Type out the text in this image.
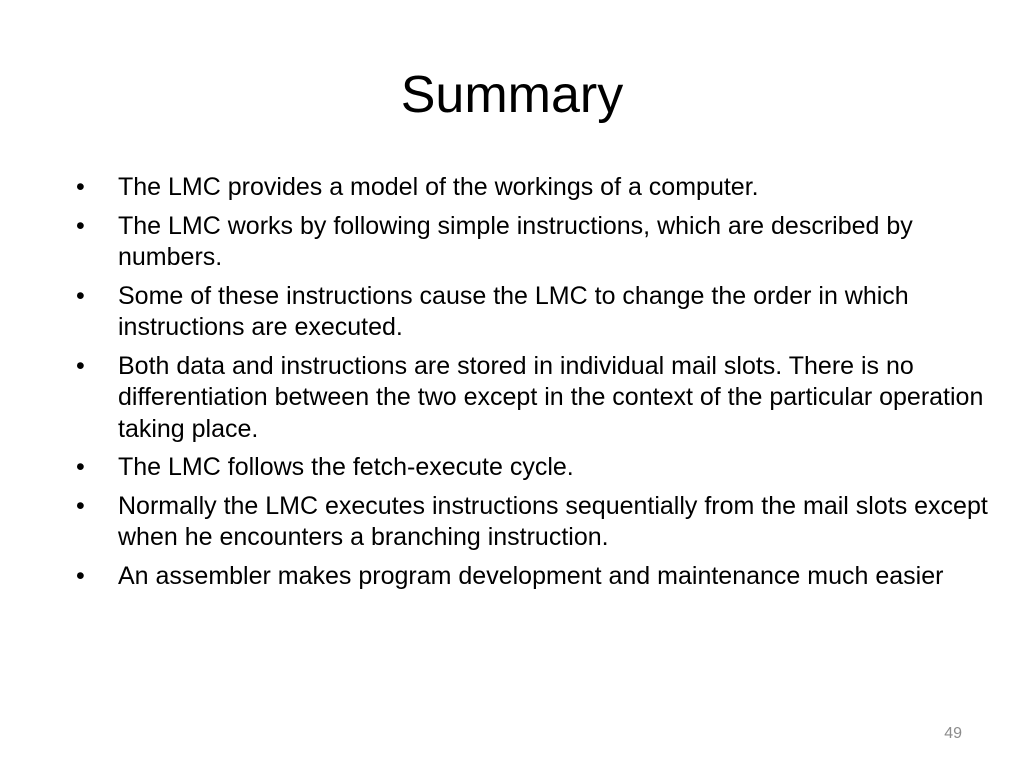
Summary
•	The LMC provides a model of the workings of a computer.
•	The LMC works by following simple instructions, which are described by numbers.
•	Some of these instructions cause the LMC to change the order in which instructions are executed.
•	Both data and instructions are stored in individual mail slots. There is no differentiation between the two except in the context of the particular operation taking place.
•	The LMC follows the fetch-execute cycle.
•	Normally the LMC executes instructions sequentially from the mail slots except when he encounters a branching instruction.
•	An assembler makes program development and maintenance much easier
49
